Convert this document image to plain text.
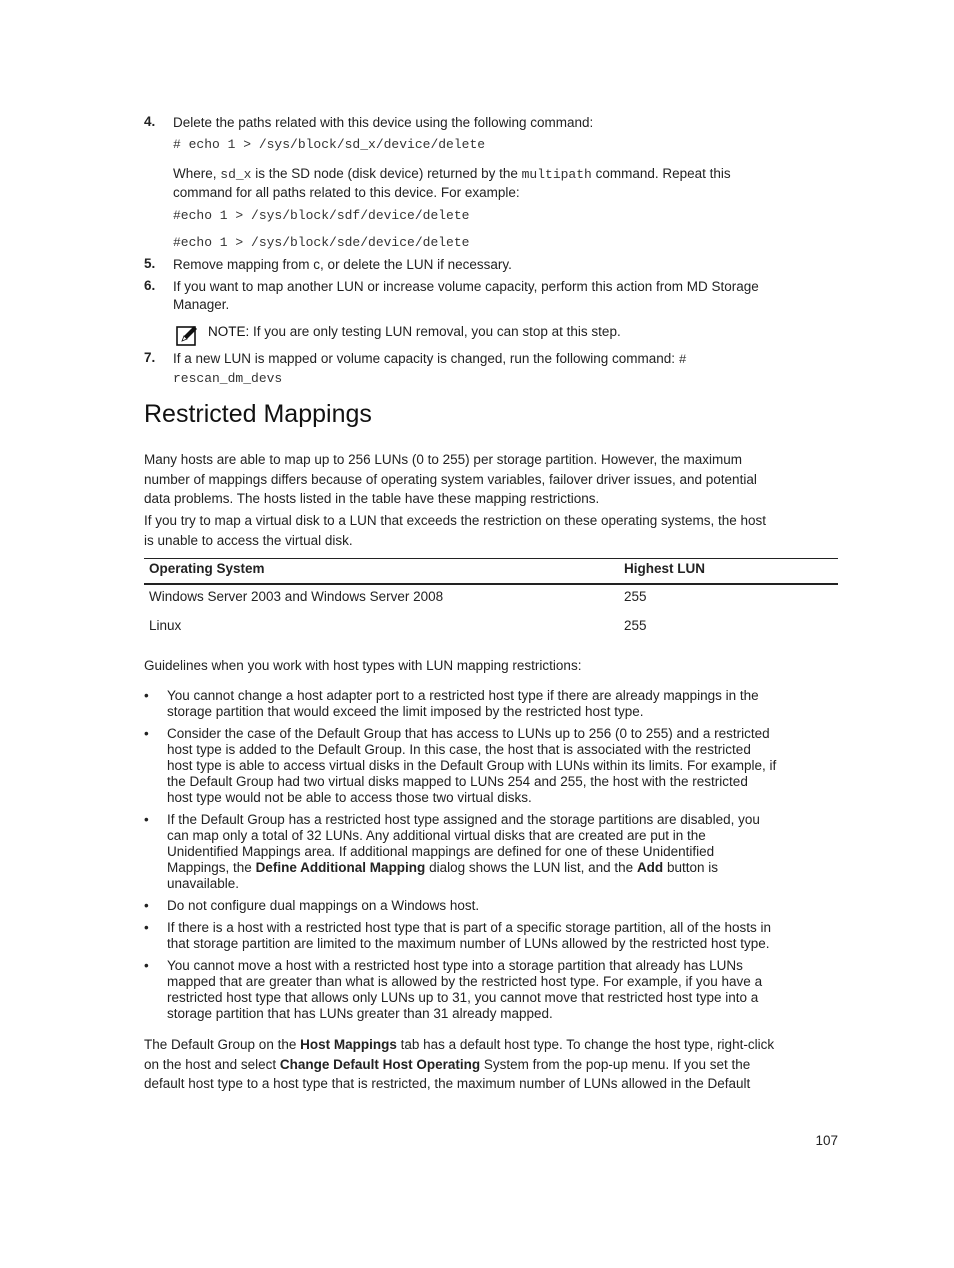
4. Delete the paths related with this device using the following command:
# echo 1 > /sys/block/sd_x/device/delete
Where, sd_x is the SD node (disk device) returned by the multipath command. Repeat this
command for all paths related to this device. For example:
#echo 1 > /sys/block/sdf/device/delete
#echo 1 > /sys/block/sde/device/delete
5. Remove mapping from c, or delete the LUN if necessary.
6. If you want to map another LUN or increase volume capacity, perform this action from MD Storage
Manager.
NOTE: If you are only testing LUN removal, you can stop at this step.
7. If a new LUN is mapped or volume capacity is changed, run the following command: #
rescan_dm_devs
Restricted Mappings
Many hosts are able to map up to 256 LUNs (0 to 255) per storage partition. However, the maximum
number of mappings differs because of operating system variables, failover driver issues, and potential
data problems. The hosts listed in the table have these mapping restrictions.
If you try to map a virtual disk to a LUN that exceeds the restriction on these operating systems, the host
is unable to access the virtual disk.
Operating System	Highest LUN
Windows Server 2003 and Windows Server 2008	255
Linux	255
Guidelines when you work with host types with LUN mapping restrictions:
• You cannot change a host adapter port to a restricted host type if there are already mappings in the
storage partition that would exceed the limit imposed by the restricted host type.
• Consider the case of the Default Group that has access to LUNs up to 256 (0 to 255) and a restricted
host type is added to the Default Group. In this case, the host that is associated with the restricted
host type is able to access virtual disks in the Default Group with LUNs within its limits. For example, if
the Default Group had two virtual disks mapped to LUNs 254 and 255, the host with the restricted
host type would not be able to access those two virtual disks.
• If the Default Group has a restricted host type assigned and the storage partitions are disabled, you
can map only a total of 32 LUNs. Any additional virtual disks that are created are put in the
Unidentified Mappings area. If additional mappings are defined for one of these Unidentified
Mappings, the Define Additional Mapping dialog shows the LUN list, and the Add button is
unavailable.
• Do not configure dual mappings on a Windows host.
• If there is a host with a restricted host type that is part of a specific storage partition, all of the hosts in
that storage partition are limited to the maximum number of LUNs allowed by the restricted host type.
• You cannot move a host with a restricted host type into a storage partition that already has LUNs
mapped that are greater than what is allowed by the restricted host type. For example, if you have a
restricted host type that allows only LUNs up to 31, you cannot move that restricted host type into a
storage partition that has LUNs greater than 31 already mapped.
The Default Group on the Host Mappings tab has a default host type. To change the host type, right-click
on the host and select Change Default Host Operating System from the pop-up menu. If you set the
default host type to a host type that is restricted, the maximum number of LUNs allowed in the Default
107
